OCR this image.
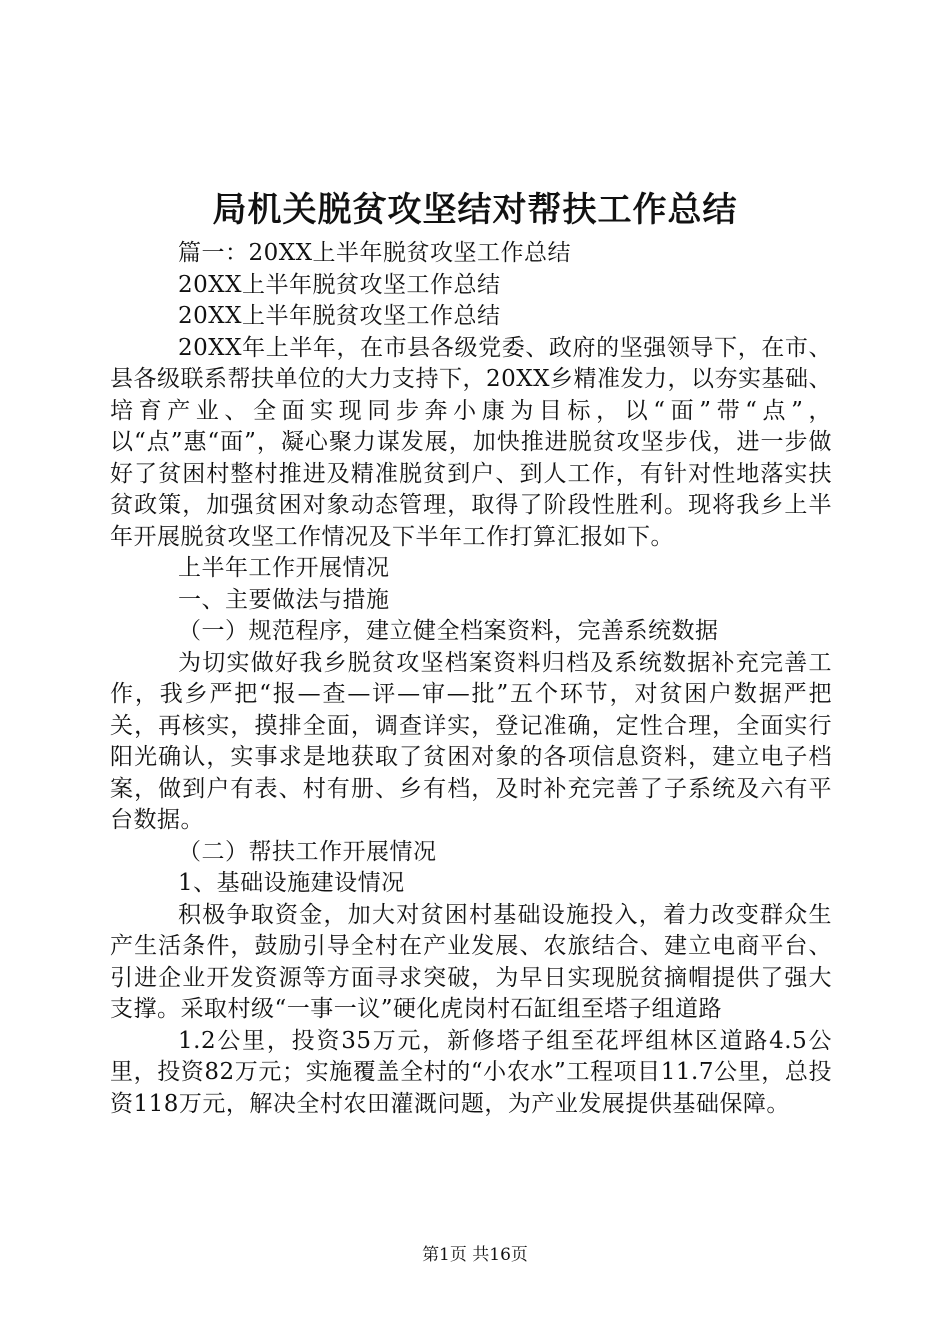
局机关脱贫攻坚结对帮扶工作总结

篇一：20XX上半年脱贫攻坚工作总结

20XX上半年脱贫攻坚工作总结

20XX上半年脱贫攻坚工作总结

20XX年上半年，在市县各级党委、政府的坚强领导下，在市、县各级联系帮扶单位的大力支持下，20XX乡精准发力，以夯实基础、培育产业、全面实现同步奔小康为目标，以“面”带“点”，以“点”惠“面”，凝心聚力谋发展，加快推进脱贫攻坚步伐，进一步做好了贫困村整村推进及精准脱贫到户、到人工作，有针对性地落实扶贫政策，加强贫困对象动态管理，取得了阶段性胜利。现将我乡上半年开展脱贫攻坚工作情况及下半年工作打算汇报如下。

上半年工作开展情况

一、主要做法与措施

（一）规范程序，建立健全档案资料，完善系统数据

为切实做好我乡脱贫攻坚档案资料归档及系统数据补充完善工作，我乡严把“报—查—评—审—批”五个环节，对贫困户数据严把关，再核实，摸排全面，调查详实，登记准确，定性合理，全面实行阳光确认，实事求是地获取了贫困对象的各项信息资料，建立电子档案，做到户有表、村有册、乡有档，及时补充完善了子系统及六有平台数据。

（二）帮扶工作开展情况

1、基础设施建设情况

积极争取资金，加大对贫困村基础设施投入，着力改变群众生产生活条件，鼓励引导全村在产业发展、农旅结合、建立电商平台、引进企业开发资源等方面寻求突破，为早日实现脱贫摘帽提供了强大支撑。采取村级“一事一议”硬化虎岗村石缸组至塔子组道路

1.2公里，投资35万元，新修塔子组至花坪组林区道路4.5公里，投资82万元；实施覆盖全村的“小农水”工程项目11.7公里，总投资118万元，解决全村农田灌溉问题，为产业发展提供基础保障。

第1页 共16页
